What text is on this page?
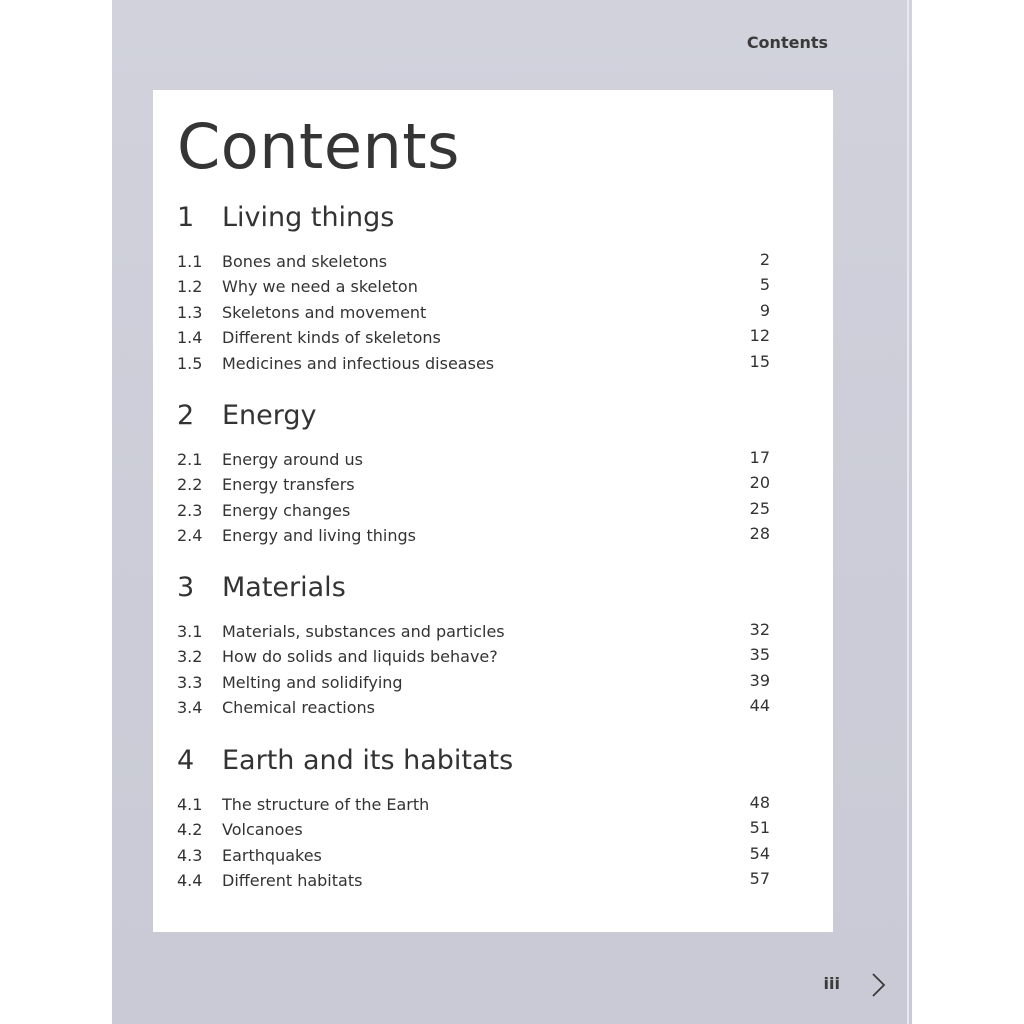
Contents
Contents
1 Living things
1.1 Bones and skeletons	2
1.2 Why we need a skeleton	5
1.3 Skeletons and movement	9
1.4 Different kinds of skeletons	12
1.5 Medicines and infectious diseases	15
2 Energy
2.1 Energy around us	17
2.2 Energy transfers	20
2.3 Energy changes	25
2.4 Energy and living things	28
3 Materials
3.1 Materials, substances and particles	32
3.2 How do solids and liquids behave?	35
3.3 Melting and solidifying	39
3.4 Chemical reactions	44
4 Earth and its habitats
4.1 The structure of the Earth	48
4.2 Volcanoes	51
4.3 Earthquakes	54
4.4 Different habitats	57
iii
